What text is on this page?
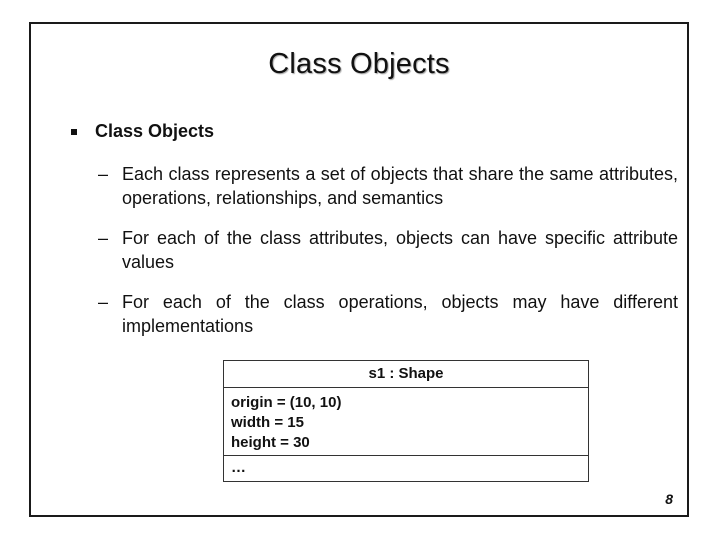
Class Objects
Class Objects
– Each class represents a set of objects that share the same attributes, operations, relationships, and semantics
– For each of the class attributes, objects can have specific attribute values
– For each of the class operations, objects may have different implementations
s1 : Shape
origin = (10, 10)
width = 15
height = 30
…
8
